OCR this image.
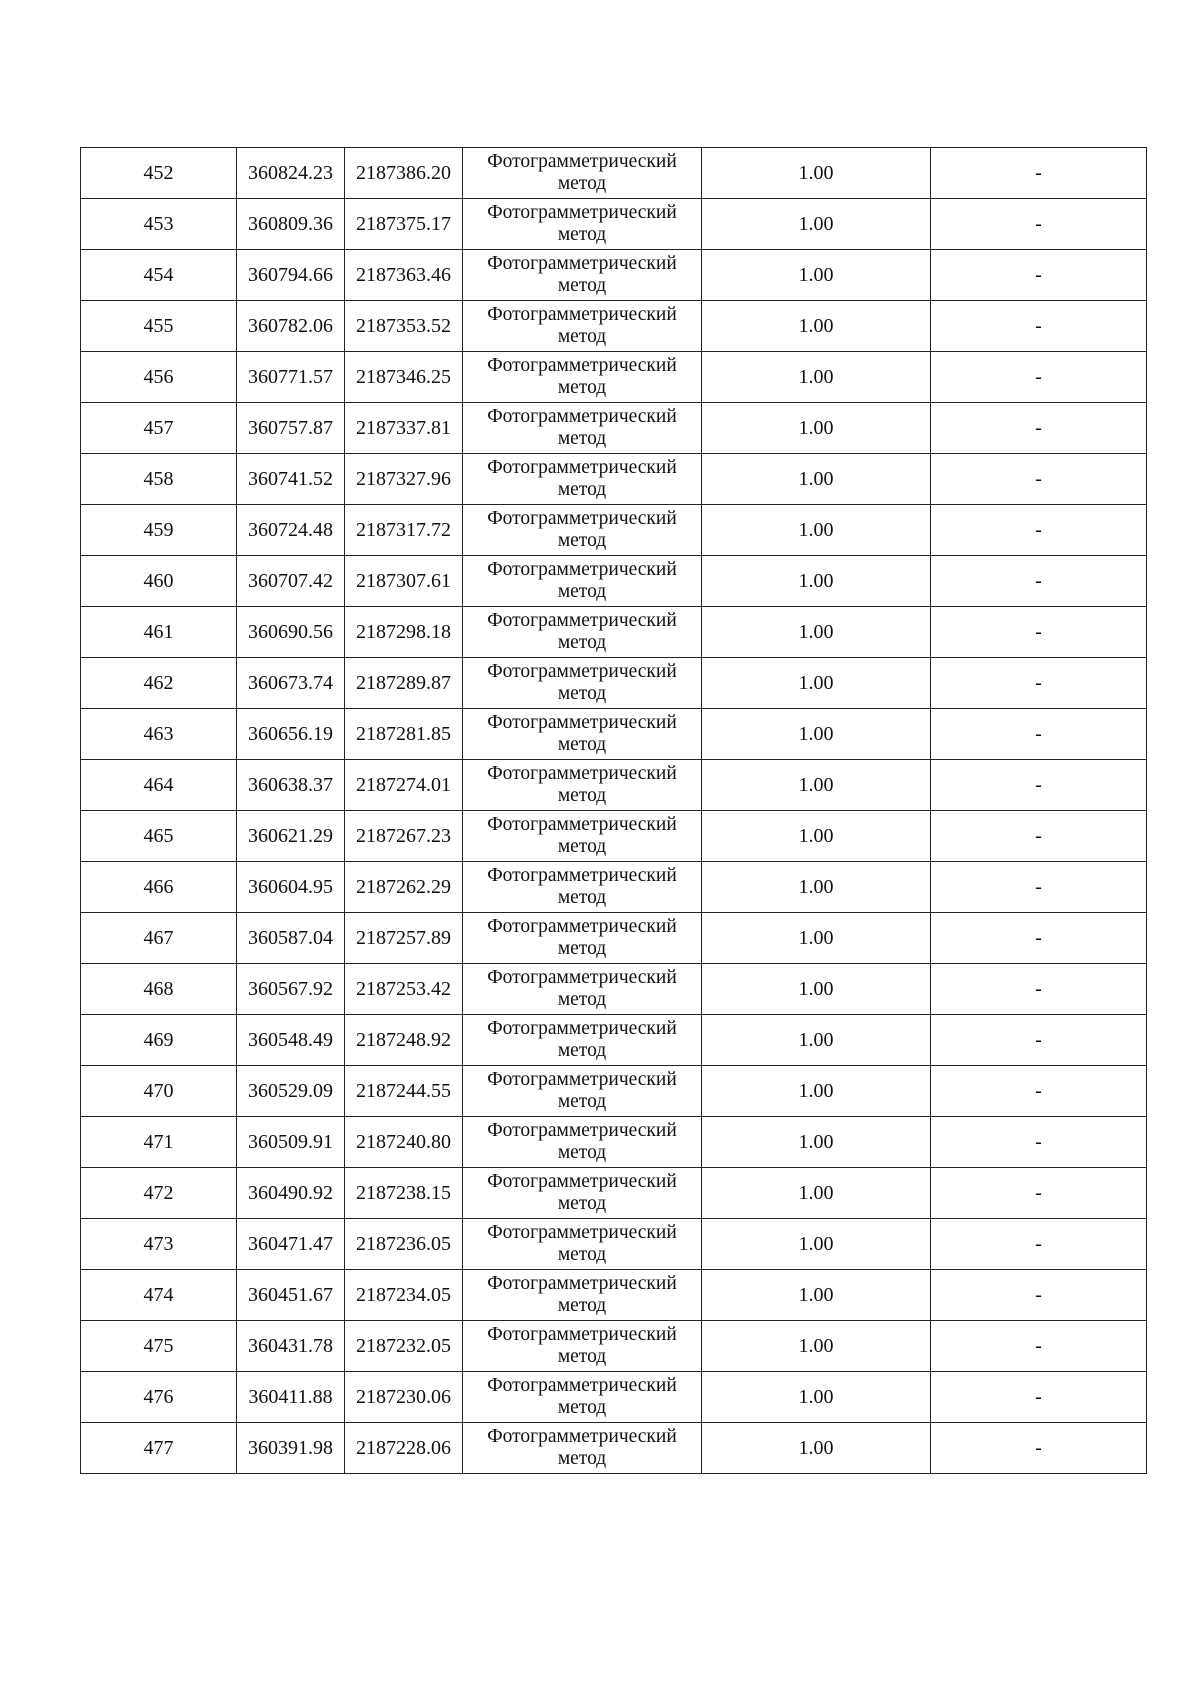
452	360824.23	2187386.20	Фотограмметрический метод	1.00	-
453	360809.36	2187375.17	Фотограмметрический метод	1.00	-
454	360794.66	2187363.46	Фотограмметрический метод	1.00	-
455	360782.06	2187353.52	Фотограмметрический метод	1.00	-
456	360771.57	2187346.25	Фотограмметрический метод	1.00	-
457	360757.87	2187337.81	Фотограмметрический метод	1.00	-
458	360741.52	2187327.96	Фотограмметрический метод	1.00	-
459	360724.48	2187317.72	Фотограмметрический метод	1.00	-
460	360707.42	2187307.61	Фотограмметрический метод	1.00	-
461	360690.56	2187298.18	Фотограмметрический метод	1.00	-
462	360673.74	2187289.87	Фотограмметрический метод	1.00	-
463	360656.19	2187281.85	Фотограмметрический метод	1.00	-
464	360638.37	2187274.01	Фотограмметрический метод	1.00	-
465	360621.29	2187267.23	Фотограмметрический метод	1.00	-
466	360604.95	2187262.29	Фотограмметрический метод	1.00	-
467	360587.04	2187257.89	Фотограмметрический метод	1.00	-
468	360567.92	2187253.42	Фотограмметрический метод	1.00	-
469	360548.49	2187248.92	Фотограмметрический метод	1.00	-
470	360529.09	2187244.55	Фотограмметрический метод	1.00	-
471	360509.91	2187240.80	Фотограмметрический метод	1.00	-
472	360490.92	2187238.15	Фотограмметрический метод	1.00	-
473	360471.47	2187236.05	Фотограмметрический метод	1.00	-
474	360451.67	2187234.05	Фотограмметрический метод	1.00	-
475	360431.78	2187232.05	Фотограмметрический метод	1.00	-
476	360411.88	2187230.06	Фотограмметрический метод	1.00	-
477	360391.98	2187228.06	Фотограмметрический метод	1.00	-
